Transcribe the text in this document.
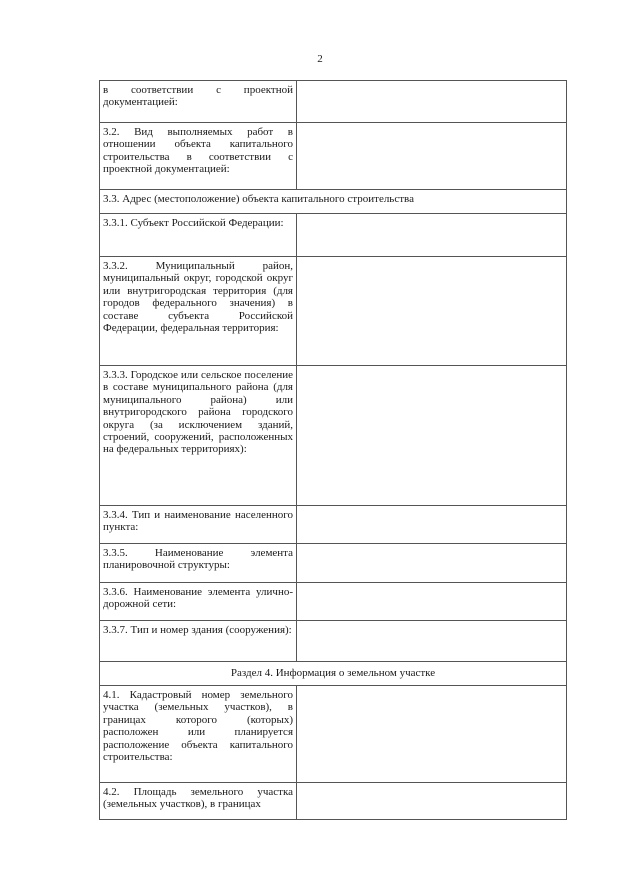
2
в соответствии с проектной документацией:	
3.2. Вид выполняемых работ в отношении объекта капитального строительства в соответствии с проектной документацией:	
3.3. Адрес (местоположение) объекта капитального строительства	
3.3.1. Субъект Российской Федерации:	
3.3.2. Муниципальный район, муниципальный округ, городской округ или внутригородская территория (для городов федерального значения) в составе субъекта Российской Федерации, федеральная территория:	
3.3.3. Городское или сельское поселение в составе муниципального района (для муниципального района) или внутригородского района городского округа (за исключением зданий, строений, сооружений, расположенных на федеральных территориях):	
3.3.4. Тип и наименование населенного пункта:	
3.3.5. Наименование элемента планировочной структуры:	
3.3.6. Наименование элемента улично-дорожной сети:	
3.3.7. Тип и номер здания (сооружения):	
Раздел 4. Информация о земельном участке	
4.1. Кадастровый номер земельного участка (земельных участков), в границах которого (которых) расположен или планируется расположение объекта капитального строительства:	
4.2. Площадь земельного участка (земельных участков), в границах	
